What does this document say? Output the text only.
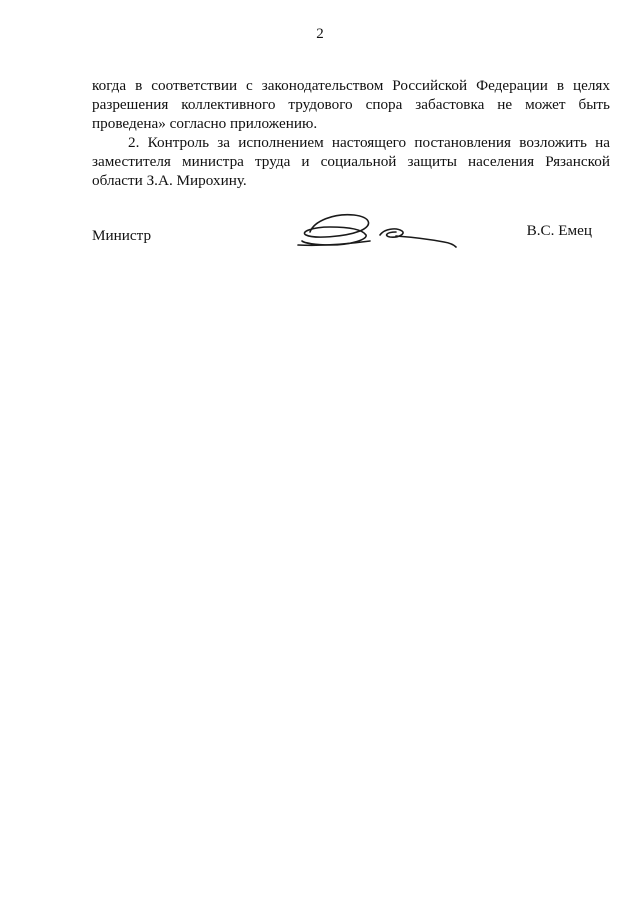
2

когда в соответствии с законодательством Российской Федерации в целях разрешения коллективного трудового спора забастовка не может быть проведена» согласно приложению.

2. Контроль за исполнением настоящего постановления возложить на заместителя министра труда и социальной защиты населения Рязанской области З.А. Мирохину.

Министр	В.С. Емец
